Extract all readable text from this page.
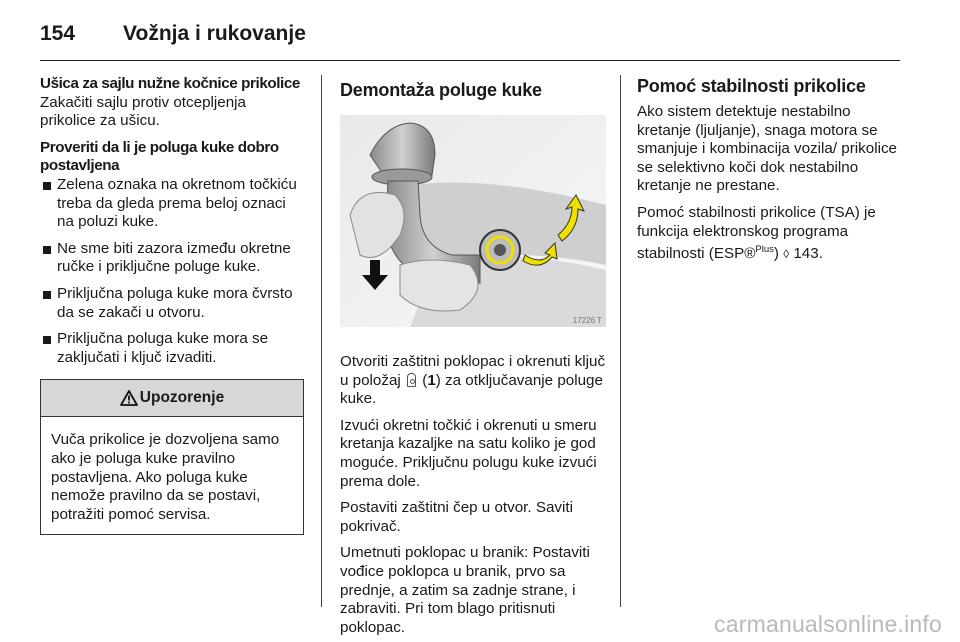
154 Vožnja i rukovanje
Ušica za sajlu nužne kočnice prikolice

Zakačiti sajlu protiv otcepljenja prikolice za ušicu.

Proveriti da li je poluga kuke dobro postavljena
Zelena oznaka na okretnom točkiću treba da gleda prema beloj oznaci na poluzi kuke.
Ne sme biti zazora između okretne ručke i priključne poluge kuke.
Priključna poluga kuke mora čvrsto da se zakači u otvoru.
Priključna poluga kuke mora se zaključati i ključ izvaditi.
Upozorenje
Vuča prikolice je dozvoljena samo ako je poluga kuke pravilno postavljena. Ako poluga kuke nemože pravilno da se postavi, potražiti pomoć servisa.
Demontaža poluge kuke
17226 T

Otvoriti zaštitni poklopac i okrenuti ključ u položaj  (1) za otključavanje poluge kuke.

Izvući okretni točkić i okrenuti u smeru kretanja kazaljke na satu koliko je god moguće. Priključnu polugu kuke izvući prema dole.

Postaviti zaštitni čep u otvor. Saviti pokrivač.

Umetnuti poklopac u branik: Postaviti vođice poklopca u branik, prvo sa prednje, a zatim sa zadnje strane, i zabraviti. Pri tom blago pritisnuti poklopac.

Pomoć stabilnosti prikolice

Ako sistem detektuje nestabilno kretanje (ljuljanje), snaga motora se smanjuje i kombinacija vozila/ prikolice se selektivno koči dok nestabilno kretanje ne prestane.

Pomoć stabilnosti prikolice (TSA) je funkcija elektronskog programa stabilnosti (ESP®$^{Plus}$) ◊ 143.

carmanualsonline.info
